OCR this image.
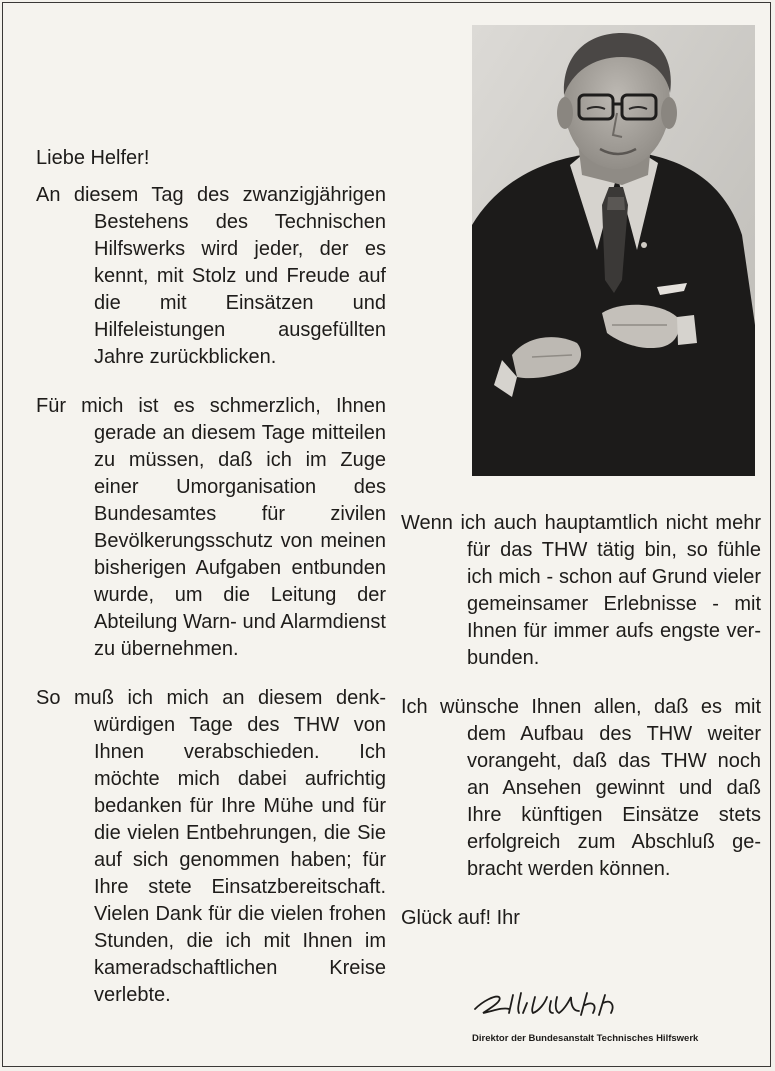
Liebe Helfer!

An diesem Tag des zwanzigjährigen Bestehens des Technischen Hilfswerks wird jeder, der es kennt, mit Stolz und Freude auf die mit Einsätzen und Hilfeleistungen ausgefüllten Jahre zurückblicken.

Für mich ist es schmerzlich, Ihnen gerade an diesem Tage mitteilen zu müssen, daß ich im Zuge einer Umorganisation des Bundesamtes für zivilen Bevölkerungsschutz von meinen bisherigen Aufgaben entbunden wurde, um die Leitung der Abteilung Warn- und Alarmdienst zu übernehmen.

So muß ich mich an diesem denkwürdigen Tage des THW von Ihnen verabschieden. Ich möchte mich dabei aufrichtig bedanken für Ihre Mühe und für die vielen Entbehrungen, die Sie auf sich genommen haben; für Ihre stete Einsatzbereitschaft. Vielen Dank für die vielen frohen Stunden, die ich mit Ihnen im kameradschaftlichen Kreise verlebte.

Wenn ich auch hauptamtlich nicht mehr für das THW tätig bin, so fühle ich mich - schon auf Grund vieler gemeinsamer Erlebnisse - mit Ihnen für immer aufs engste verbunden.

Ich wünsche Ihnen allen, daß es mit dem Aufbau des THW weiter vorangeht, daß das THW noch an Ansehen gewinnt und daß Ihre künftigen Einsätze stets erfolgreich zum Abschluß gebracht werden können.

Glück auf! Ihr

Direktor der Bundesanstalt Technisches Hilfswerk
